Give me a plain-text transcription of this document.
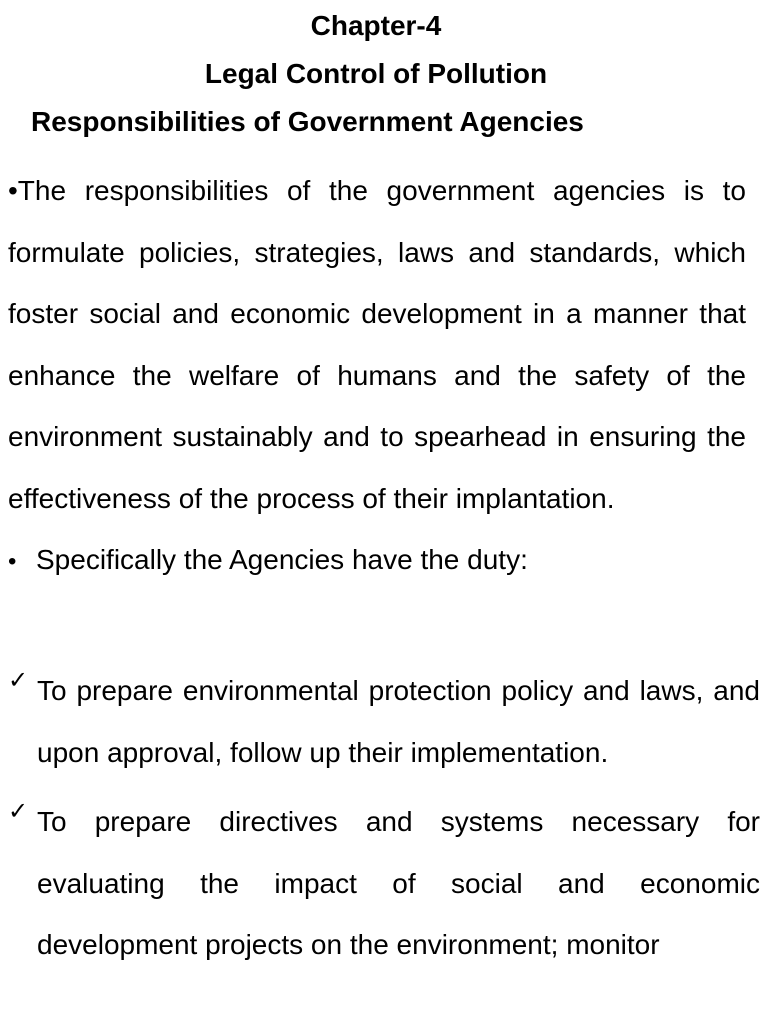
Chapter-4

Legal Control of Pollution

Responsibilities of Government Agencies

•The responsibilities of the government agencies is to formulate policies, strategies, laws and standards, which foster social and economic development in a manner that enhance the welfare of humans and the safety of the environment sustainably and to spearhead in ensuring the effectiveness of the process of their implantation.

• Specifically the Agencies have the duty:

✓ To prepare environmental protection policy and laws, and upon approval, follow up their implementation.
✓ To prepare directives and systems necessary for evaluating the impact of social and economic development projects on the environment; monitor
